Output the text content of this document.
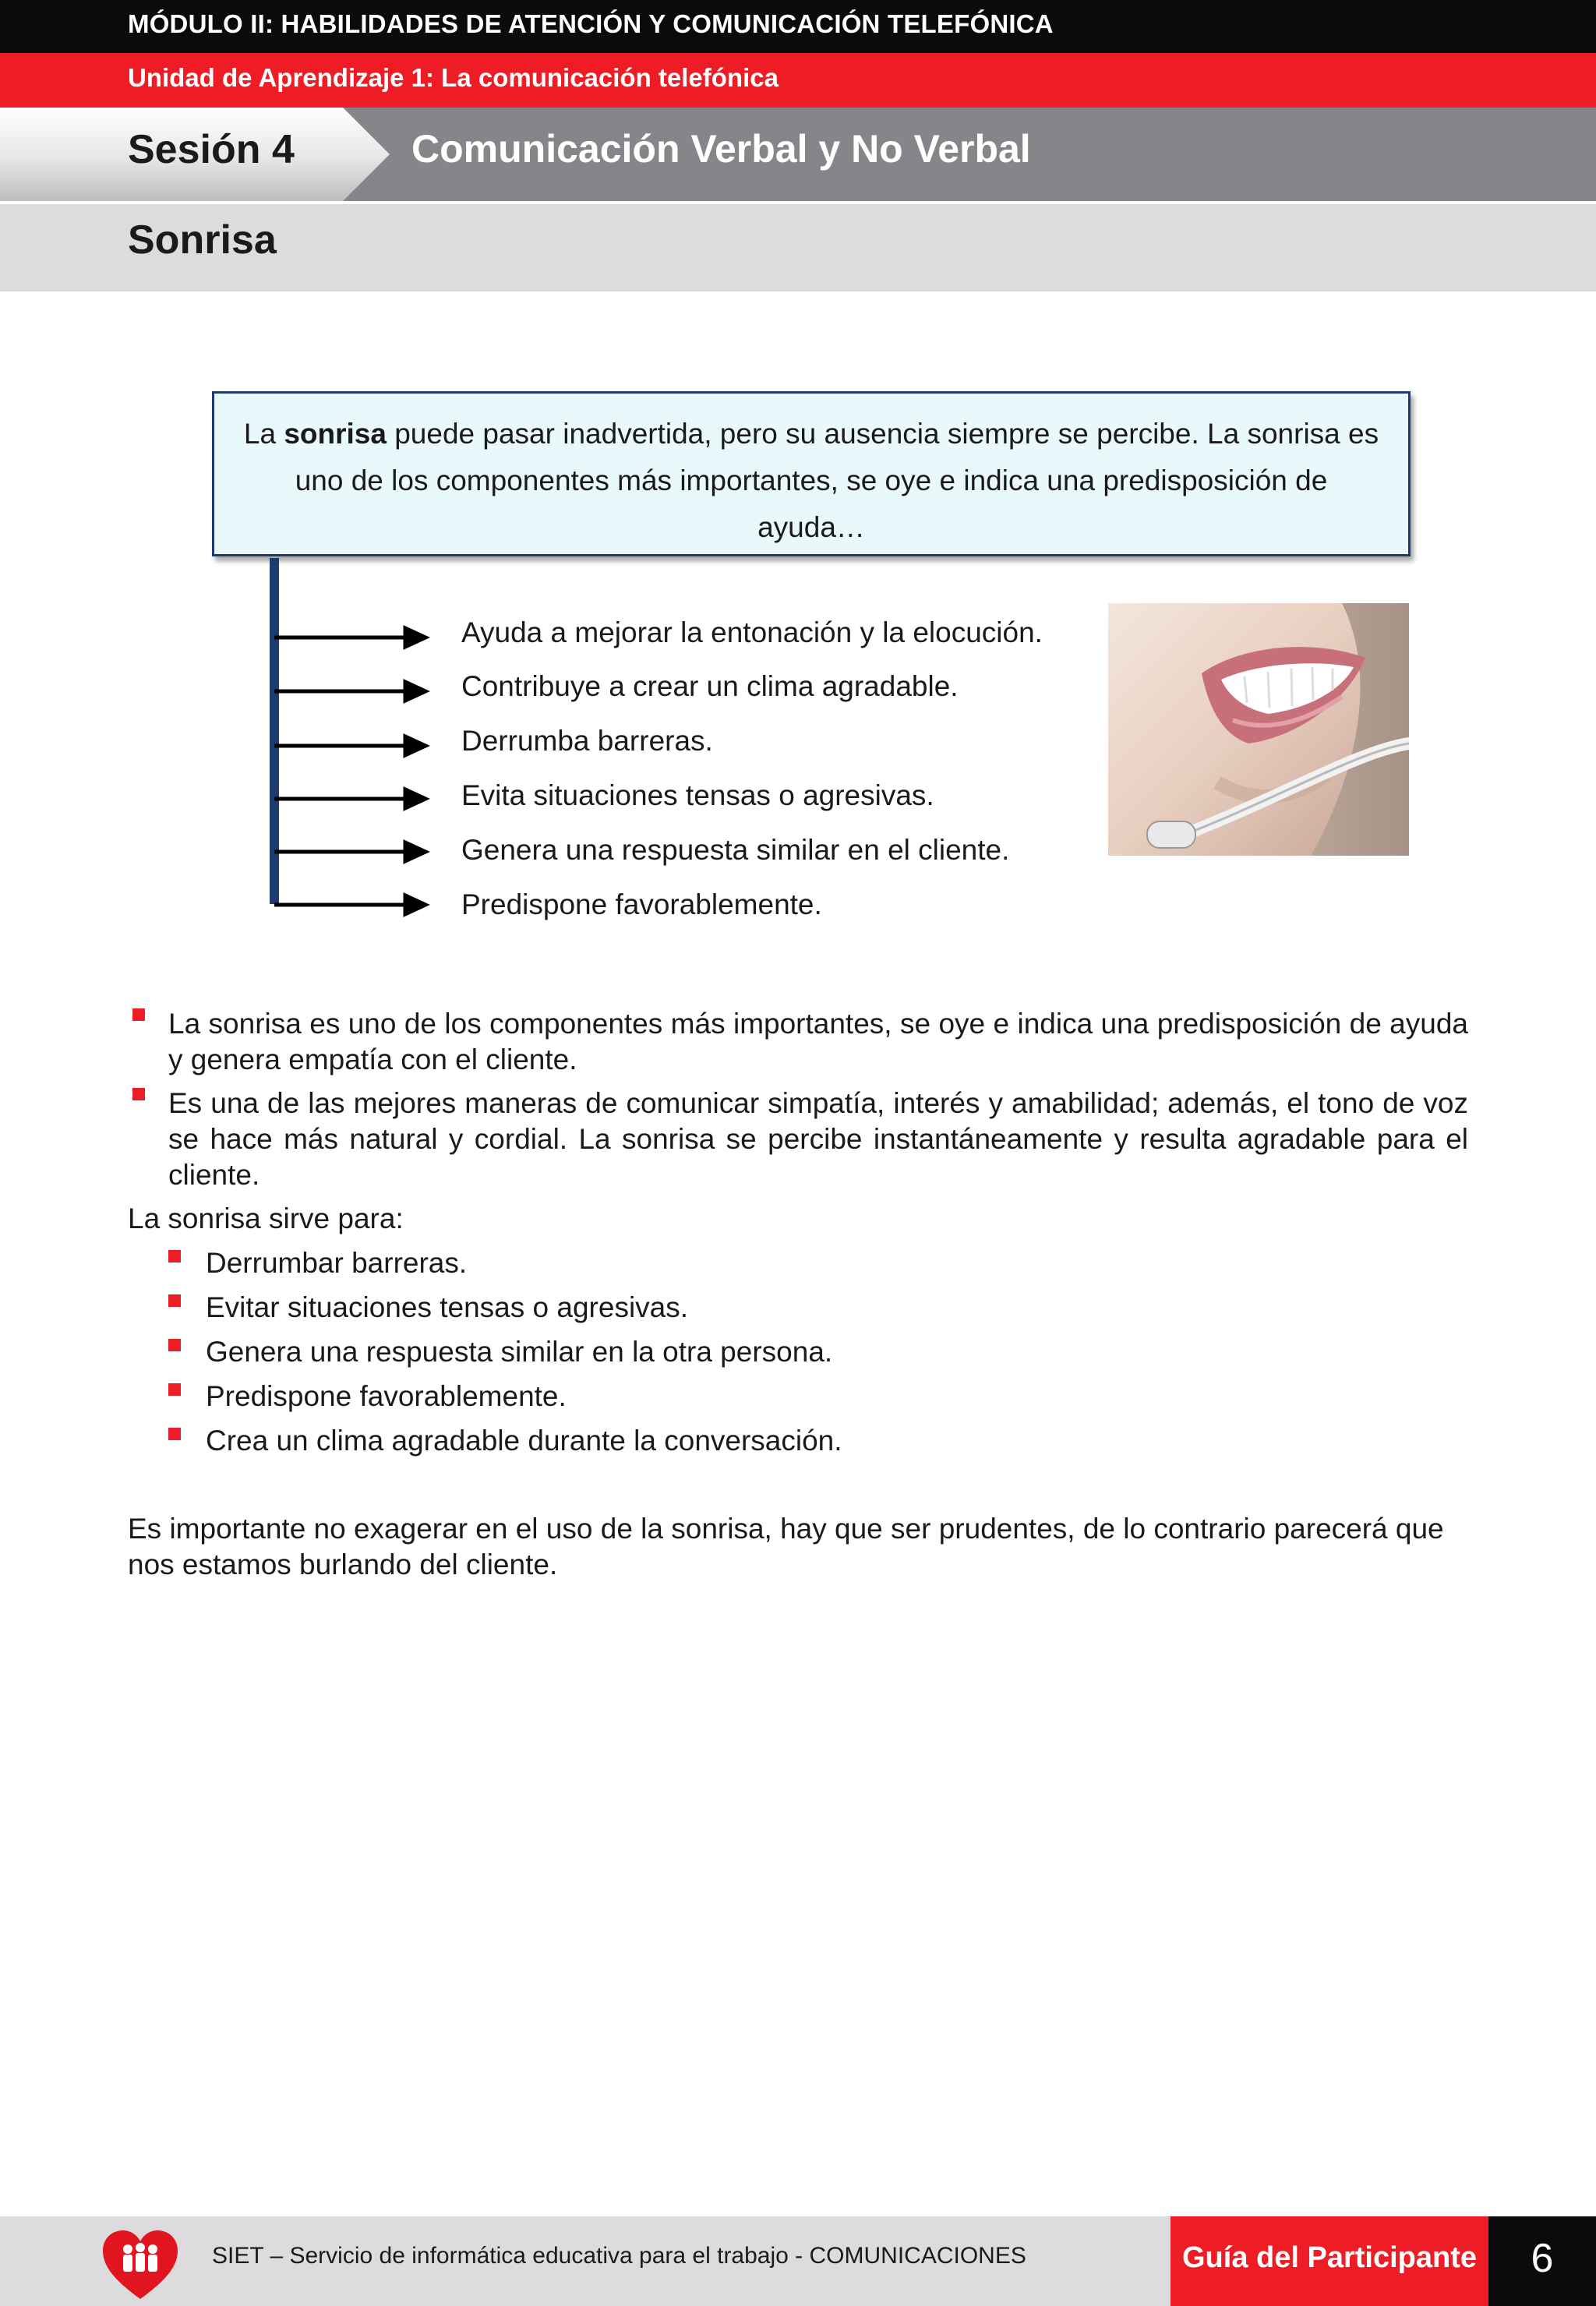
MÓDULO II: HABILIDADES DE ATENCIÓN Y COMUNICACIÓN TELEFÓNICA
Unidad de Aprendizaje 1: La comunicación telefónica
Sesión 4	Comunicación Verbal y No Verbal
Sonrisa
La sonrisa puede pasar inadvertida, pero su ausencia siempre se percibe. La sonrisa es uno de los componentes más importantes, se oye e indica una predisposición de ayuda…
Ayuda a mejorar la entonación y la elocución.
Contribuye a crear un clima agradable.
Derrumba barreras.
Evita situaciones tensas o agresivas.
Genera una respuesta similar en el cliente.
Predispone favorablemente.
La sonrisa es uno de los componentes más importantes, se oye e indica una predisposición de ayuda y genera empatía con el cliente.
Es una de las mejores maneras de comunicar simpatía, interés y amabilidad; además, el tono de voz se hace más natural y cordial. La sonrisa se percibe instantáneamente y resulta agradable para el cliente.
La sonrisa sirve para:
Derrumbar barreras.
Evitar situaciones tensas o agresivas.
Genera una respuesta similar en la otra persona.
Predispone favorablemente.
Crea un clima agradable durante la conversación.
Es importante no exagerar en el uso de la sonrisa, hay que ser prudentes, de lo contrario parecerá que nos estamos burlando del cliente.
SIET – Servicio de informática educativa para el trabajo - COMUNICACIONES	Guía del Participante	6
